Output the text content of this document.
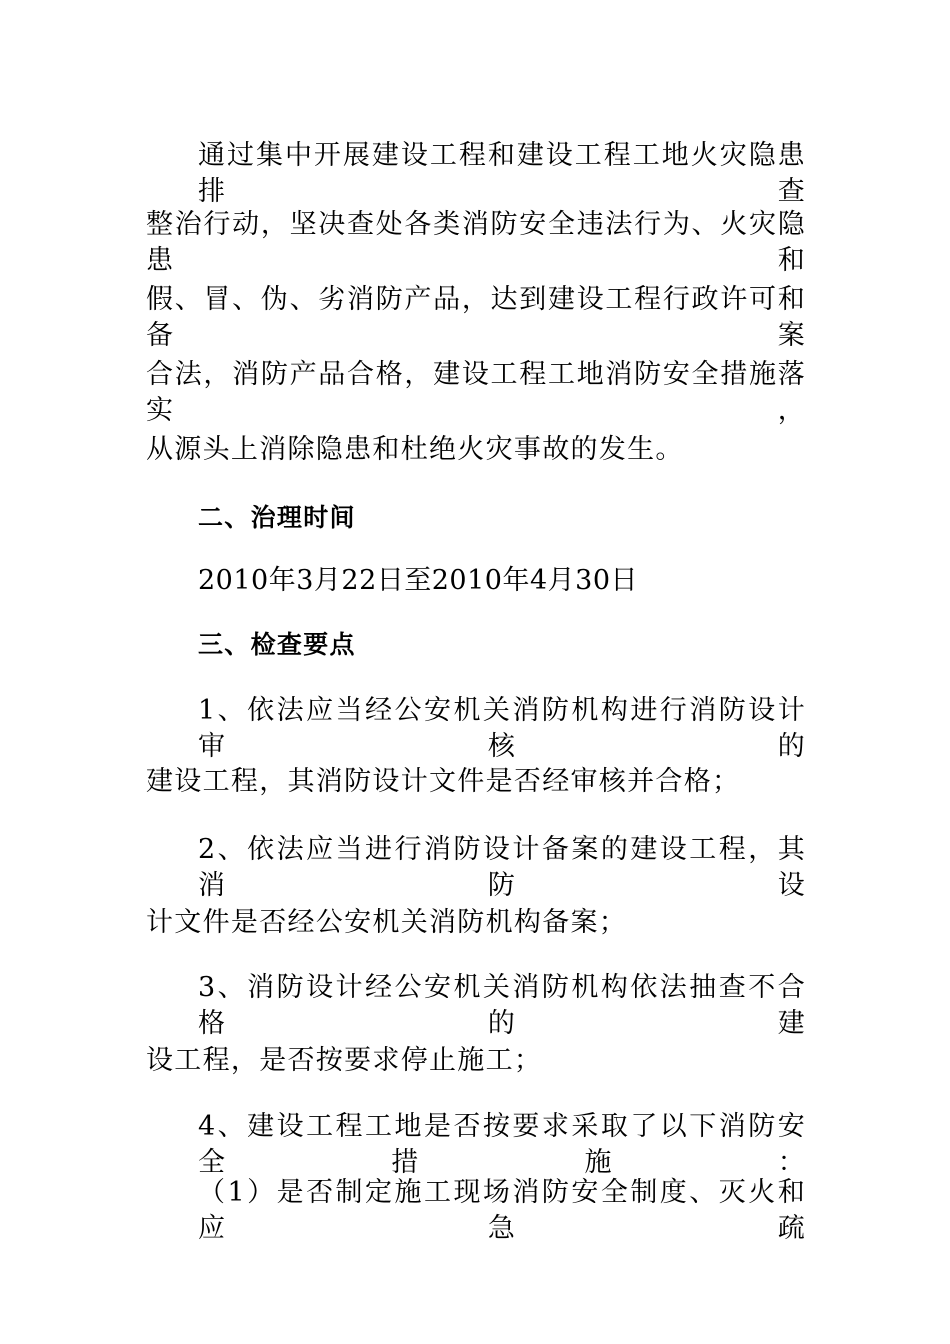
通过集中开展建设工程和建设工程工地火灾隐患排查
整治行动，坚决查处各类消防安全违法行为、火灾隐患和
假、冒、伪、劣消防产品，达到建设工程行政许可和备案
合法，消防产品合格，建设工程工地消防安全措施落实，
从源头上消除隐患和杜绝火灾事故的发生。
二、治理时间
2010年3月22日至2010年4月30日
三、检查要点
1、依法应当经公安机关消防机构进行消防设计审核的
建设工程，其消防设计文件是否经审核并合格；
2、依法应当进行消防设计备案的建设工程，其消防设
计文件是否经公安机关消防机构备案；
3、消防设计经公安机关消防机构依法抽查不合格的建
设工程，是否按要求停止施工；
4、建设工程工地是否按要求采取了以下消防安全措施：
（1）是否制定施工现场消防安全制度、灭火和应急疏
